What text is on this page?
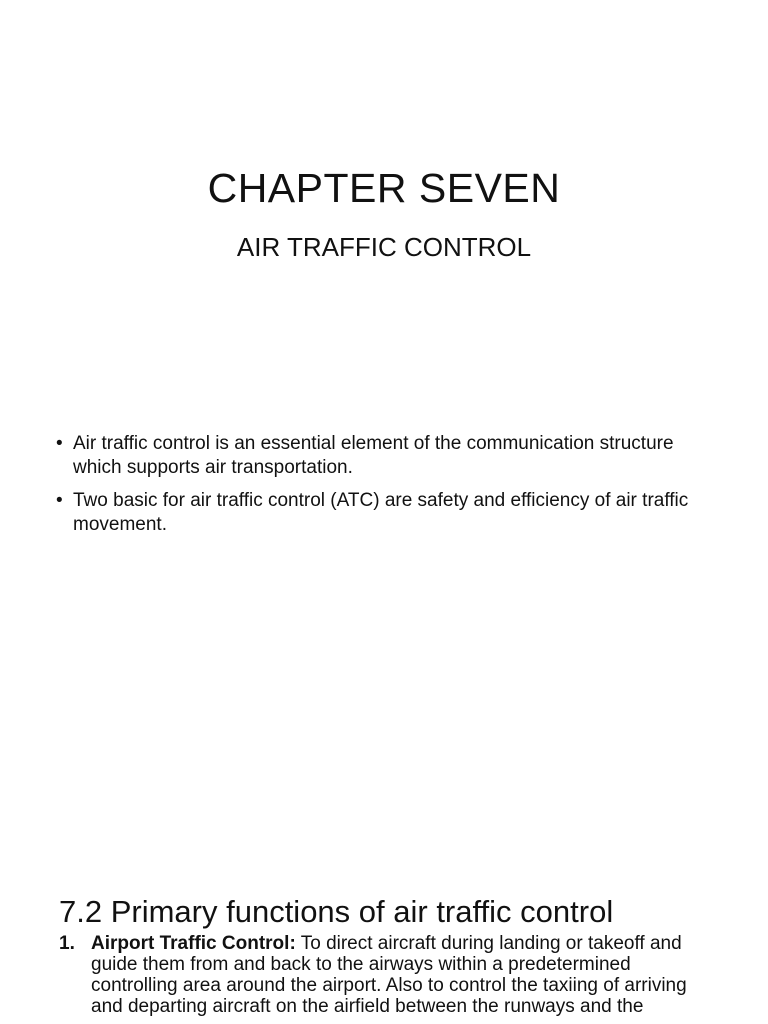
CHAPTER SEVEN
AIR TRAFFIC CONTROL
• Air traffic control is an essential element of the communication structure which supports air transportation.
• Two basic for air traffic control (ATC) are safety and efficiency of air traffic movement.
7.2 Primary functions of air traffic control
1. Airport Traffic Control: To direct aircraft during landing or takeoff and guide them from and back to the airways within a predetermined controlling area around the airport. Also to control the taxiing of arriving and departing aircraft on the airfield between the runways and the
